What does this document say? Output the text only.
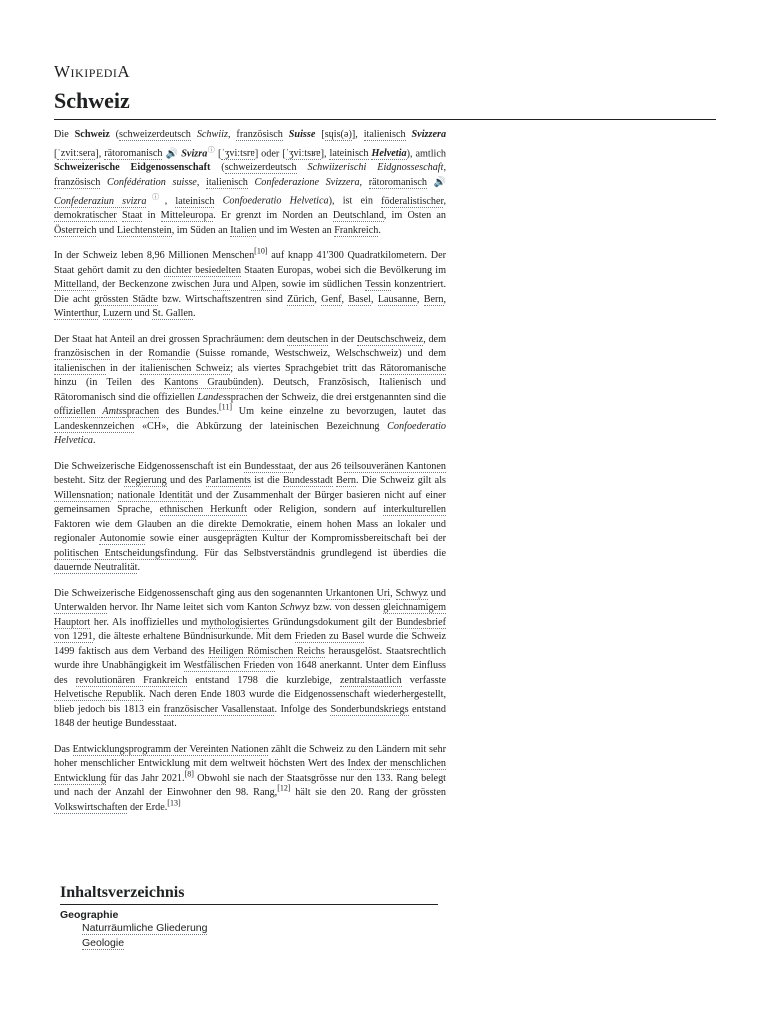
WikipediA
Schweiz

Die Schweiz (schweizerdeutsch Schwiiz, französisch Suisse [sɥis(ə)], italienisch Svizzera [ˈzvitːsera], rätoromanisch 🔊 Svizraⓘ [ˈʒviːtsrɐ] oder [ˈʒviːtsʁɐ], lateinisch Helvetia), amtlich Schweizerische Eidgenossenschaft (schweizerdeutsch Schwiizerischi Eidgnosseschaft, französisch Confédération suisse, italienisch Confederazione Svizzera, rätoromanisch 🔊 Confederaziun svizraⓘ, lateinisch Confoederatio Helvetica), ist ein föderalistischer, demokratischer Staat in Mitteleuropa. Er grenzt im Norden an Deutschland, im Osten an Österreich und Liechtenstein, im Süden an Italien und im Westen an Frankreich.

In der Schweiz leben 8,96 Millionen Menschen[10] auf knapp 41'300 Quadratkilometern. Der Staat gehört damit zu den dichter besiedelten Staaten Europas, wobei sich die Bevölkerung im Mittelland, der Beckenzone zwischen Jura und Alpen, sowie im südlichen Tessin konzentriert. Die acht grössten Städte bzw. Wirtschaftszentren sind Zürich, Genf, Basel, Lausanne, Bern, Winterthur, Luzern und St. Gallen.

Der Staat hat Anteil an drei grossen Sprachräumen: dem deutschen in der Deutschschweiz, dem französischen in der Romandie (Suisse romande, Westschweiz, Welschschweiz) und dem italienischen in der italienischen Schweiz; als viertes Sprachgebiet tritt das Rätoromanische hinzu (in Teilen des Kantons Graubünden). Deutsch, Französisch, Italienisch und Rätoromanisch sind die offiziellen Landessprachen der Schweiz, die drei erstgenannten sind die offiziellen Amtssprachen des Bundes.[11] Um keine einzelne zu bevorzugen, lautet das Landeskennzeichen «CH», die Abkürzung der lateinischen Bezeichnung Confoederatio Helvetica.

Die Schweizerische Eidgenossenschaft ist ein Bundesstaat, der aus 26 teilsouveränen Kantonen besteht. Sitz der Regierung und des Parlaments ist die Bundesstadt Bern. Die Schweiz gilt als Willensnation; nationale Identität und der Zusammenhalt der Bürger basieren nicht auf einer gemeinsamen Sprache, ethnischen Herkunft oder Religion, sondern auf interkulturellen Faktoren wie dem Glauben an die direkte Demokratie, einem hohen Mass an lokaler und regionaler Autonomie sowie einer ausgeprägten Kultur der Kompromissbereitschaft bei der politischen Entscheidungsfindung. Für das Selbstverständnis grundlegend ist überdies die dauernde Neutralität.

Die Schweizerische Eidgenossenschaft ging aus den sogenannten Urkantonen Uri, Schwyz und Unterwalden hervor. Ihr Name leitet sich vom Kanton Schwyz bzw. von dessen gleichnamigem Hauptort her. Als inoffizielles und mythologisiertes Gründungsdokument gilt der Bundesbrief von 1291, die älteste erhaltene Bündnisurkunde. Mit dem Frieden zu Basel wurde die Schweiz 1499 faktisch aus dem Verband des Heiligen Römischen Reichs herausgelöst. Staatsrechtlich wurde ihre Unabhängigkeit im Westfälischen Frieden von 1648 anerkannt. Unter dem Einfluss des revolutionären Frankreich entstand 1798 die kurzlebige, zentralstaatlich verfasste Helvetische Republik. Nach deren Ende 1803 wurde die Eidgenossenschaft wiederhergestellt, blieb jedoch bis 1813 ein französischer Vasallenstaat. Infolge des Sonderbundskriegs entstand 1848 der heutige Bundesstaat.

Das Entwicklungsprogramm der Vereinten Nationen zählt die Schweiz zu den Ländern mit sehr hoher menschlicher Entwicklung mit dem weltweit höchsten Wert des Index der menschlichen Entwicklung für das Jahr 2021.[8] Obwohl sie nach der Staatsgrösse nur den 133. Rang belegt und nach der Anzahl der Einwohner den 98. Rang,[12] hält sie den 20. Rang der grössten Volkswirtschaften der Erde.[13]

Inhaltsverzeichnis
Geographie
Naturräumliche Gliederung
Geologie
